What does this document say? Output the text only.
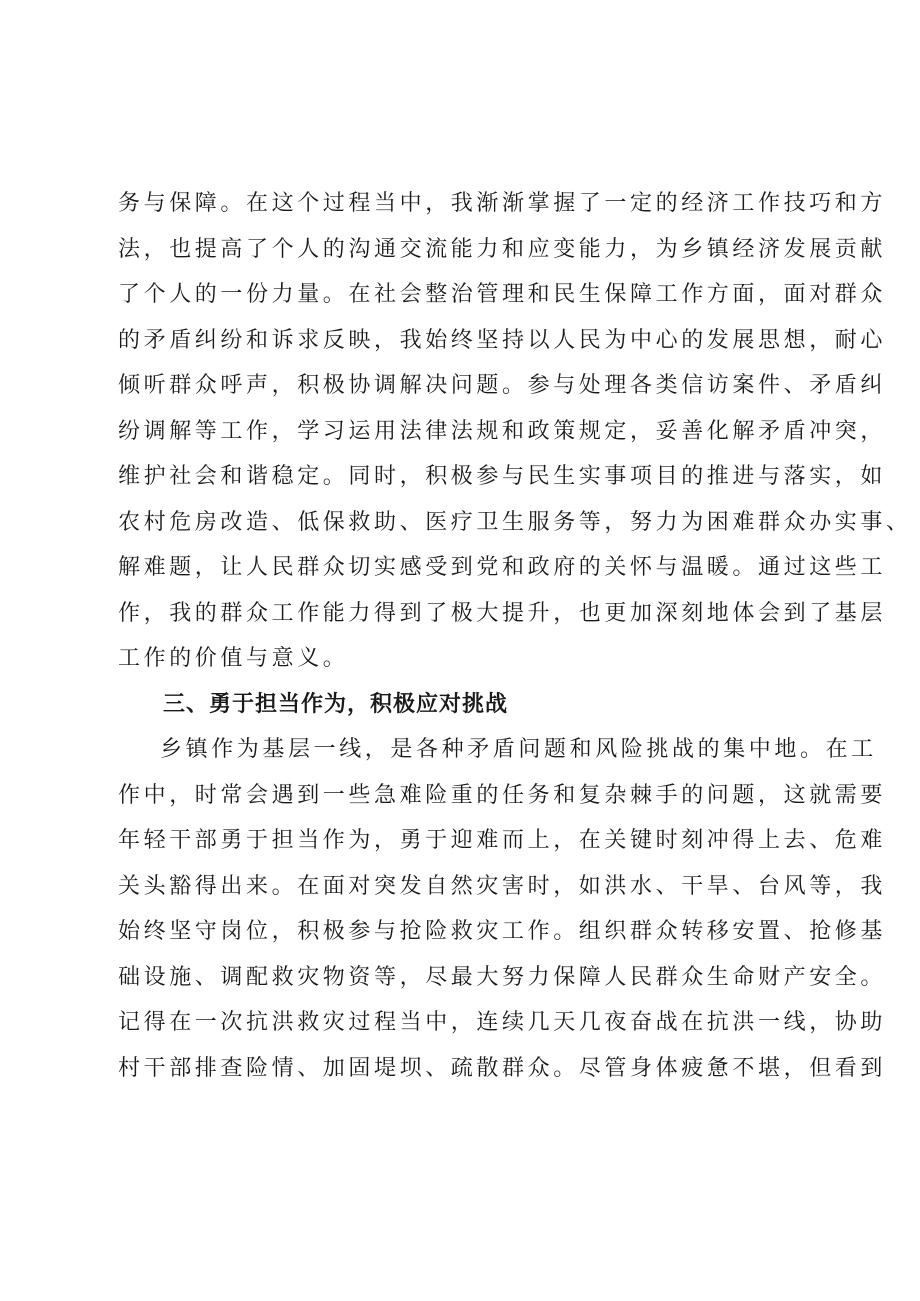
务与保障。在这个过程当中，我渐渐掌握了一定的经济工作技巧和方
法，也提高了个人的沟通交流能力和应变能力，为乡镇经济发展贡献
了个人的一份力量。在社会整治管理和民生保障工作方面，面对群众
的矛盾纠纷和诉求反映，我始终坚持以人民为中心的发展思想，耐心
倾听群众呼声，积极协调解决问题。参与处理各类信访案件、矛盾纠
纷调解等工作，学习运用法律法规和政策规定，妥善化解矛盾冲突，
维护社会和谐稳定。同时，积极参与民生实事项目的推进与落实，如
农村危房改造、低保救助、医疗卫生服务等，努力为困难群众办实事、
解难题，让人民群众切实感受到党和政府的关怀与温暖。通过这些工
作，我的群众工作能力得到了极大提升，也更加深刻地体会到了基层
工作的价值与意义。
三、勇于担当作为，积极应对挑战
乡镇作为基层一线，是各种矛盾问题和风险挑战的集中地。在工
作中，时常会遇到一些急难险重的任务和复杂棘手的问题，这就需要
年轻干部勇于担当作为，勇于迎难而上，在关键时刻冲得上去、危难
关头豁得出来。在面对突发自然灾害时，如洪水、干旱、台风等，我
始终坚守岗位，积极参与抢险救灾工作。组织群众转移安置、抢修基
础设施、调配救灾物资等，尽最大努力保障人民群众生命财产安全。
记得在一次抗洪救灾过程当中，连续几天几夜奋战在抗洪一线，协助
村干部排查险情、加固堤坝、疏散群众。尽管身体疲惫不堪，但看到
